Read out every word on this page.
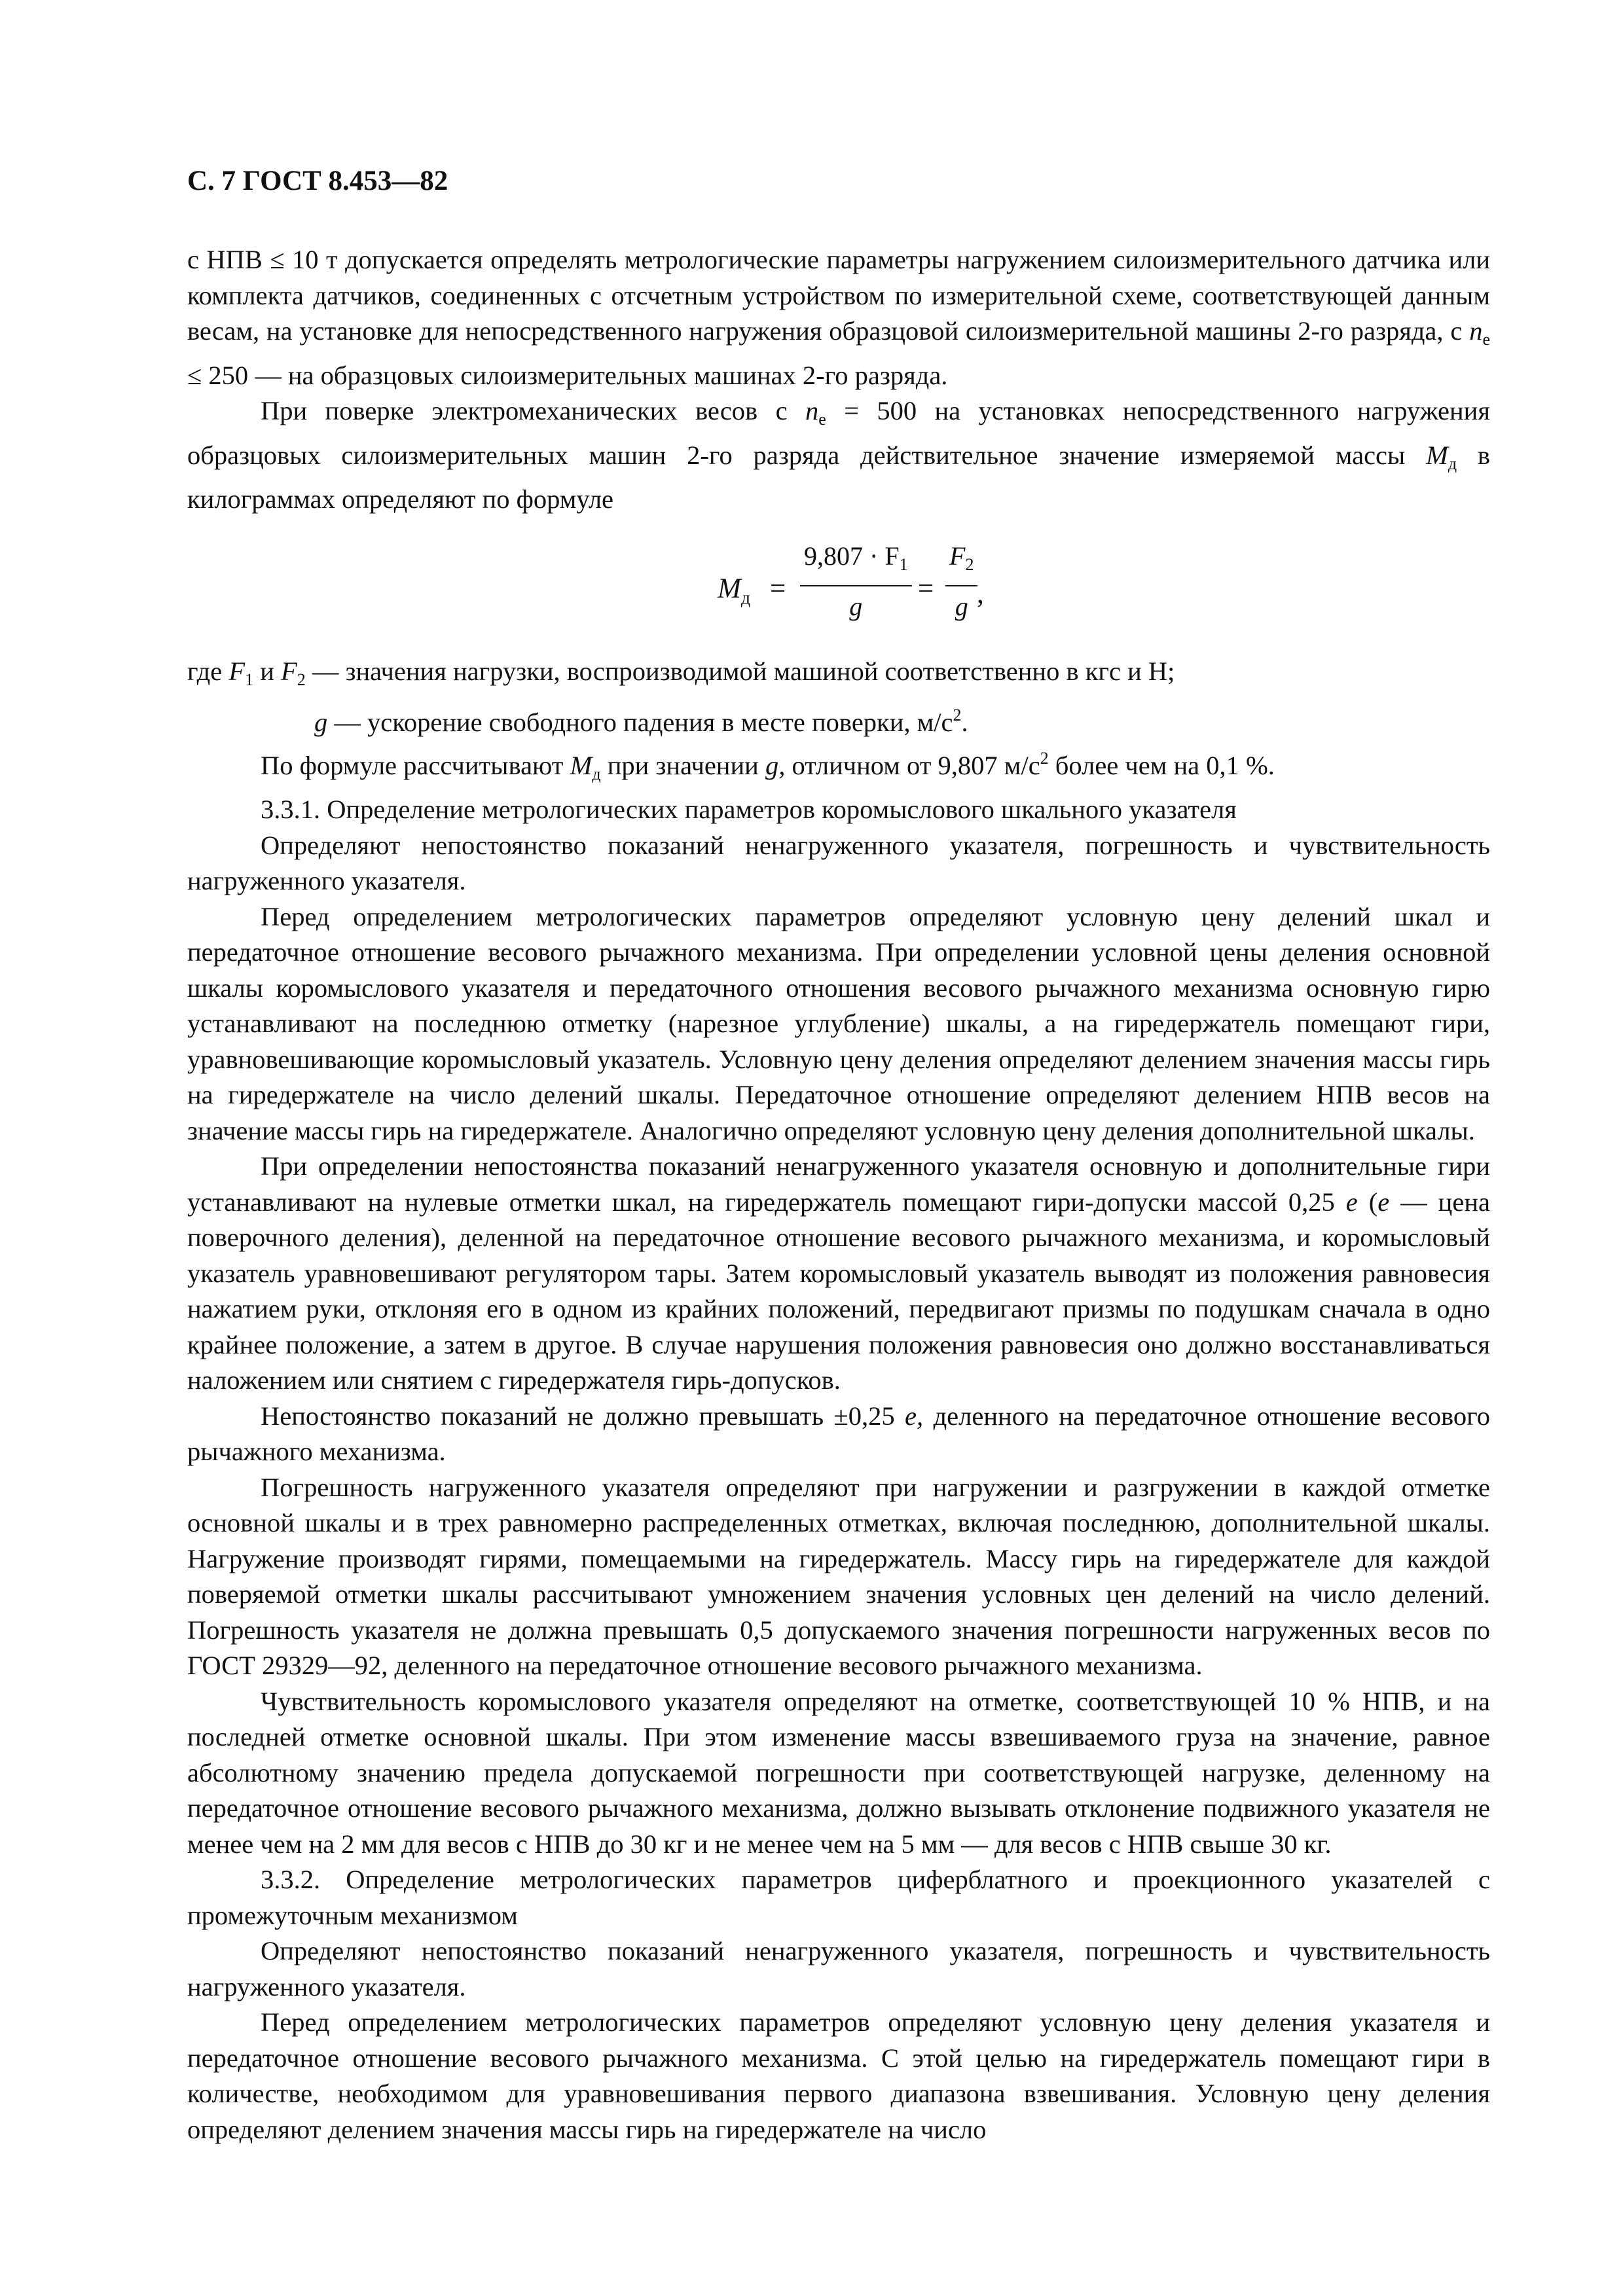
С. 7 ГОСТ 8.453—82

с НПВ ≤ 10 т допускается определять метрологические параметры нагружением силоизмерительного датчика или комплекта датчиков, соединенных с отсчетным устройством по измерительной схеме, соответствующей данным весам, на установке для непосредственного нагружения образцовой силоизмерительной машины 2-го разряда, с $n_e \le 250$ — на образцовых силоизмерительных машинах 2-го разряда.

При поверке электромеханических весов с $n_e = 500$ на установках непосредственного нагружения образцовых силоизмерительных машин 2-го разряда действительное значение измеряемой массы $M_д$ в килограммах определяют по формуле

$M_д = \frac{9,807 \cdot F_1}{g} = \frac{F_2}{g}$
,

где $F_1$ и $F_2$ — значения нагрузки, воспроизводимой машиной соответственно в кгс и Н;

g — ускорение свободного падения в месте поверки, $м/с^2$.

По формуле рассчитывают $M_д$ при значении g, отличном от 9,807 $м/с^2$ более чем на 0,1 %.

3.3.1. Определение метрологических параметров коромыслового шкального указателя

Определяют непостоянство показаний ненагруженного указателя, погрешность и чувствительность нагруженного указателя.

Перед определением метрологических параметров определяют условную цену делений шкал и передаточное отношение весового рычажного механизма. При определении условной цены деления основной шкалы коромыслового указателя и передаточного отношения весового рычажного механизма основную гирю устанавливают на последнюю отметку (нарезное углубление) шкалы, а на гиредержатель помещают гири, уравновешивающие коромысловый указатель. Условную цену деления определяют делением значения массы гирь на гиредержателе на число делений шкалы. Передаточное отношение определяют делением НПВ весов на значение массы гирь на гиредержателе. Аналогично определяют условную цену деления дополнительной шкалы.

При определении непостоянства показаний ненагруженного указателя основную и дополнительные гири устанавливают на нулевые отметки шкал, на гиредержатель помещают гири-допуски массой 0,25 e (e — цена поверочного деления), деленной на передаточное отношение весового рычажного механизма, и коромысловый указатель уравновешивают регулятором тары. Затем коромысловый указатель выводят из положения равновесия нажатием руки, отклоняя его в одном из крайних положений, передвигают призмы по подушкам сначала в одно крайнее положение, а затем в другое. В случае нарушения положения равновесия оно должно восстанавливаться наложением или снятием с гиредержателя гирь-допусков.

Непостоянство показаний не должно превышать ±0,25 e, деленного на передаточное отношение весового рычажного механизма.

Погрешность нагруженного указателя определяют при нагружении и разгружении в каждой отметке основной шкалы и в трех равномерно распределенных отметках, включая последнюю, дополнительной шкалы. Нагружение производят гирями, помещаемыми на гиредержатель. Массу гирь на гиредержателе для каждой поверяемой отметки шкалы рассчитывают умножением значения условных цен делений на число делений. Погрешность указателя не должна превышать 0,5 допускаемого значения погрешности нагруженных весов по ГОСТ 29329—92, деленного на передаточное отношение весового рычажного механизма.

Чувствительность коромыслового указателя определяют на отметке, соответствующей 10 % НПВ, и на последней отметке основной шкалы. При этом изменение массы взвешиваемого груза на значение, равное абсолютному значению предела допускаемой погрешности при соответствующей нагрузке, деленному на передаточное отношение весового рычажного механизма, должно вызывать отклонение подвижного указателя не менее чем на 2 мм для весов с НПВ до 30 кг и не менее чем на 5 мм — для весов с НПВ свыше 30 кг.

3.3.2. Определение метрологических параметров циферблатного и проекционного указателей с промежуточным механизмом

Определяют непостоянство показаний ненагруженного указателя, погрешность и чувствительность нагруженного указателя.

Перед определением метрологических параметров определяют условную цену деления указателя и передаточное отношение весового рычажного механизма. С этой целью на гиредержатель помещают гири в количестве, необходимом для уравновешивания первого диапазона взвешивания. Условную цену деления определяют делением значения массы гирь на гиредержателе на число
